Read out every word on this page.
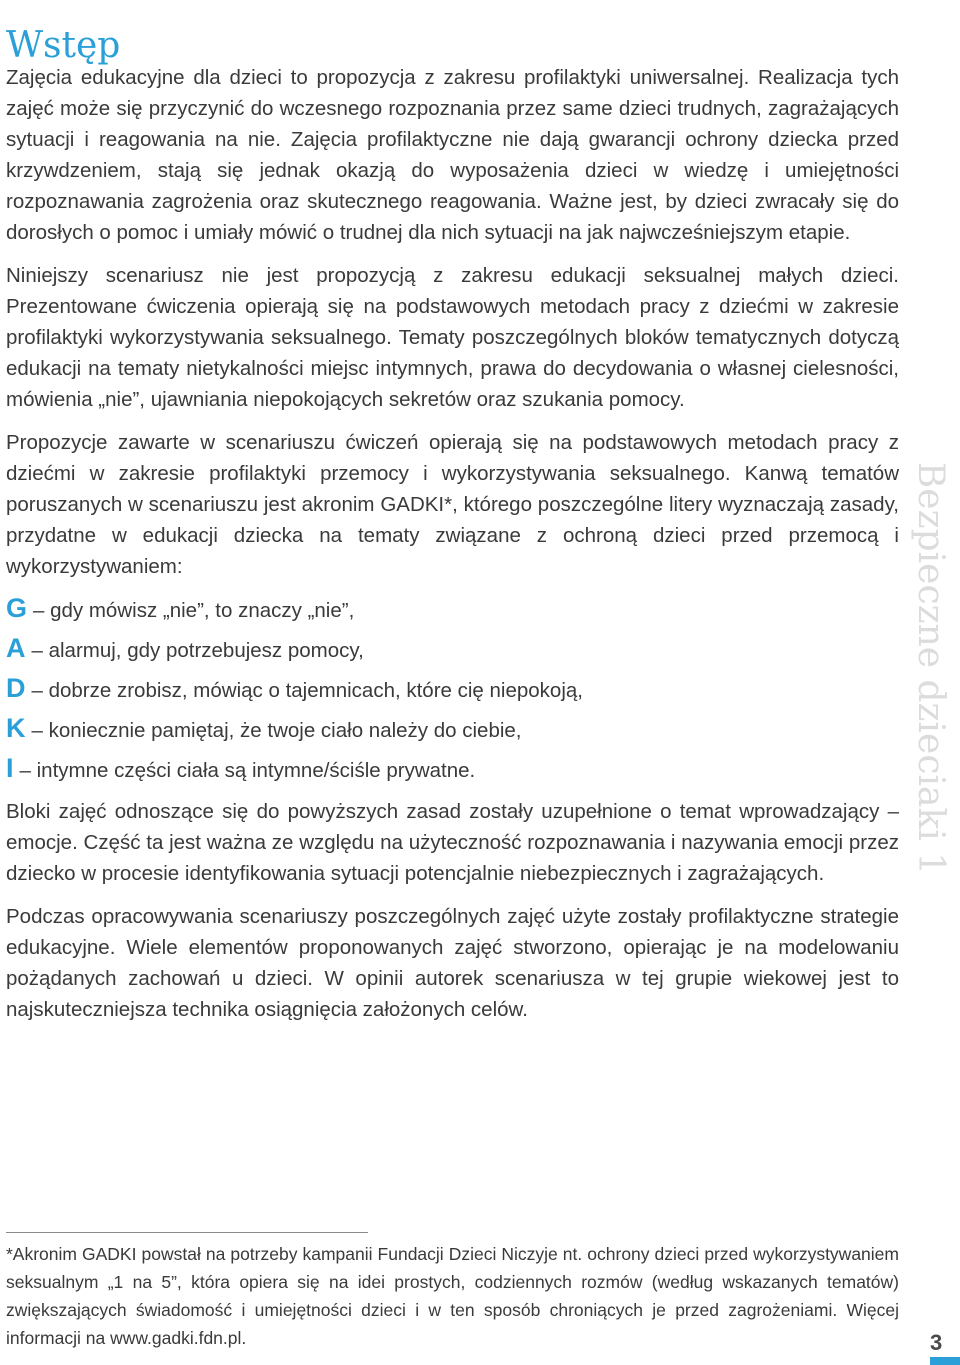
Wstęp

Zajęcia edukacyjne dla dzieci to propozycja z zakresu profilaktyki uniwersalnej. Realizacja tych zajęć może się przyczynić do wczesnego rozpoznania przez same dzieci trudnych, zagrażających sytuacji i reagowania na nie. Zajęcia profilaktyczne nie dają gwarancji ochrony dziecka przed krzywdzeniem, stają się jednak okazją do wyposażenia dzieci w wiedzę i umiejętności rozpoznawania zagrożenia oraz skutecznego reagowania. Ważne jest, by dzieci zwracały się do dorosłych o pomoc i umiały mówić o trudnej dla nich sytuacji na jak najwcześniejszym etapie.

Niniejszy scenariusz nie jest propozycją z zakresu edukacji seksualnej małych dzieci. Prezentowane ćwiczenia opierają się na podstawowych metodach pracy z dziećmi w zakresie profilaktyki wykorzystywania seksualnego. Tematy poszczególnych bloków tematycznych dotyczą edukacji na tematy nietykalności miejsc intymnych, prawa do decydowania o własnej cielesności, mówienia „nie”, ujawniania niepokojących sekretów oraz szukania pomocy.

Propozycje zawarte w scenariuszu ćwiczeń opierają się na podstawowych metodach pracy z dziećmi w zakresie profilaktyki przemocy i wykorzystywania seksualnego. Kanwą tematów poruszanych w scenariuszu jest akronim GADKI*, którego poszczególne litery wyznaczają zasady, przydatne w edukacji dziecka na tematy związane z ochroną dzieci przed przemocą i wykorzystywaniem:

G – gdy mówisz „nie”, to znaczy „nie”,
A – alarmuj, gdy potrzebujesz pomocy,
D – dobrze zrobisz, mówiąc o tajemnicach, które cię niepokoją,
K – koniecznie pamiętaj, że twoje ciało należy do ciebie,
I – intymne części ciała są intymne/ściśle prywatne.

Bloki zajęć odnoszące się do powyższych zasad zostały uzupełnione o temat wprowadzający – emocje. Część ta jest ważna ze względu na użyteczność rozpoznawania i nazywania emocji przez dziecko w procesie identyfikowania sytuacji potencjalnie niebezpiecznych i zagrażających.

Podczas opracowywania scenariuszy poszczególnych zajęć użyte zostały profilaktyczne strategie edukacyjne. Wiele elementów proponowanych zajęć stworzono, opierając je na modelowaniu pożądanych zachowań u dzieci. W opinii autorek scenariusza w tej grupie wiekowej jest to najskuteczniejsza technika osiągnięcia założonych celów.

Bezpieczne dzieciaki 1

*Akronim GADKI powstał na potrzeby kampanii Fundacji Dzieci Niczyje nt. ochrony dzieci przed wykorzystywaniem seksualnym „1 na 5”, która opiera się na idei prostych, codziennych rozmów (według wskazanych tematów) zwiększających świadomość i umiejętności dzieci i w ten sposób chroniących je przed zagrożeniami. Więcej informacji na www.gadki.fdn.pl.	3
